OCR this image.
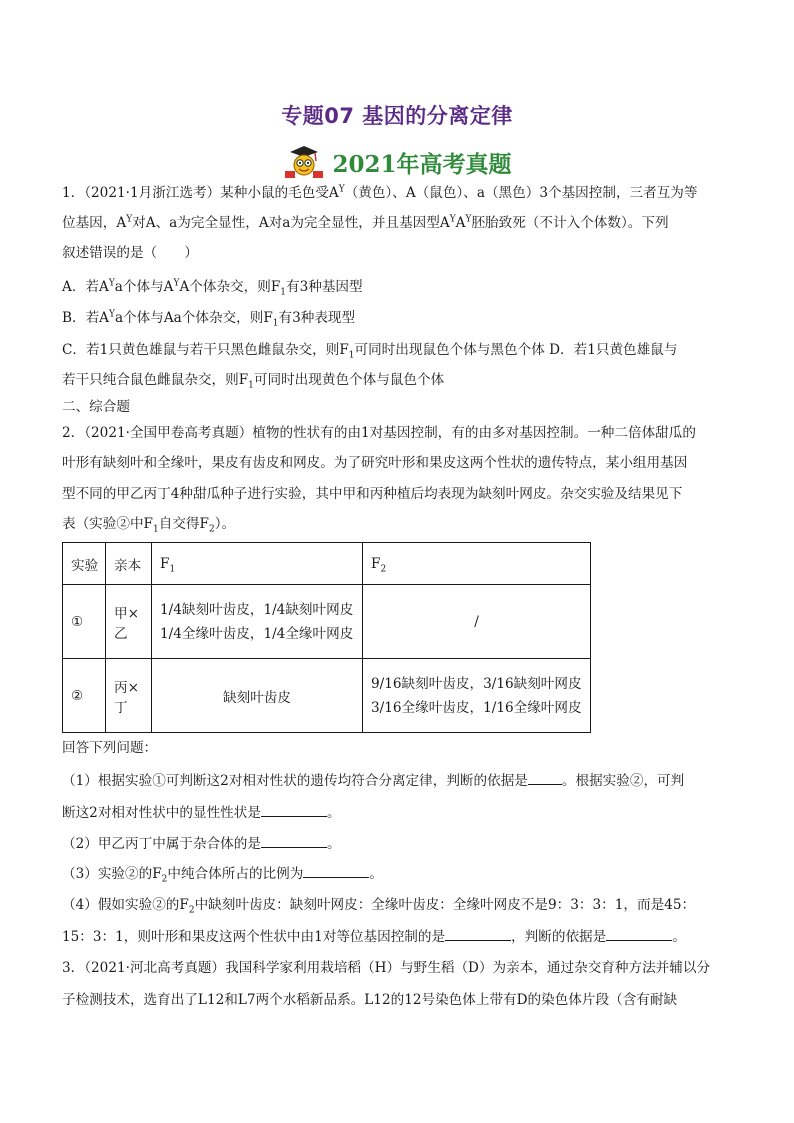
专题07 基因的分离定律
2021年高考真题
1．（2021·1月浙江选考）某种小鼠的毛色受$A^Y$（黄色）、A（鼠色）、a（黑色）3个基因控制，三者互为等
位基因，$A^Y$对A、a为完全显性，A对a为完全显性，并且基因型$A^YA^Y$胚胎致死（不计入个体数）。下列
叙述错误的是（　　）
A．若$A^Ya$个体与$A^YA$个体杂交，则$F_1$有3种基因型
B．若$A^Ya$个体与Aa个体杂交，则$F_1$有3种表现型
C．若1只黄色雄鼠与若干只黑色雌鼠杂交，则$F_1$可同时出现鼠色个体与黑色个体 D．若1只黄色雄鼠与
若干只纯合鼠色雌鼠杂交，则$F_1$可同时出现黄色个体与鼠色个体
二、综合题
2．（2021·全国甲卷高考真题）植物的性状有的由1对基因控制，有的由多对基因控制。一种二倍体甜瓜的
叶形有缺刻叶和全缘叶，果皮有齿皮和网皮。为了研究叶形和果皮这两个性状的遗传特点，某小组用基因
型不同的甲乙丙丁4种甜瓜种子进行实验，其中甲和丙种植后均表现为缺刻叶网皮。杂交实验及结果见下
表（实验②中$F_1$自交得$F_2$）。
实验	亲本	$F_1$	$F_2$
①	甲×乙	1/4缺刻叶齿皮，1/4缺刻叶网皮
1/4全缘叶齿皮，1/4全缘叶网皮	/
②	丙×丁	缺刻叶齿皮	9/16缺刻叶齿皮，3/16缺刻叶网皮
3/16全缘叶齿皮，1/16全缘叶网皮
回答下列问题：
（1）根据实验①可判断这2对相对性状的遗传均符合分离定律，判断的依据是	。根据实验②，可判
断这2对相对性状中的显性性状是	。
（2）甲乙丙丁中属于杂合体的是	。
（3）实验②的$F_2$中纯合体所占的比例为	。
（4）假如实验②的$F_2$中缺刻叶齿皮：缺刻叶网皮：全缘叶齿皮：全缘叶网皮不是9：3：3：1，而是45：
15：3：1，则叶形和果皮这两个性状中由1对等位基因控制的是	，判断的依据是	。
3．（2021·河北高考真题）我国科学家利用栽培稻（H）与野生稻（D）为亲本，通过杂交育种方法并辅以分
子检测技术，选育出了L12和L7两个水稻新品系。L12的12号染色体上带有D的染色体片段（含有耐缺
